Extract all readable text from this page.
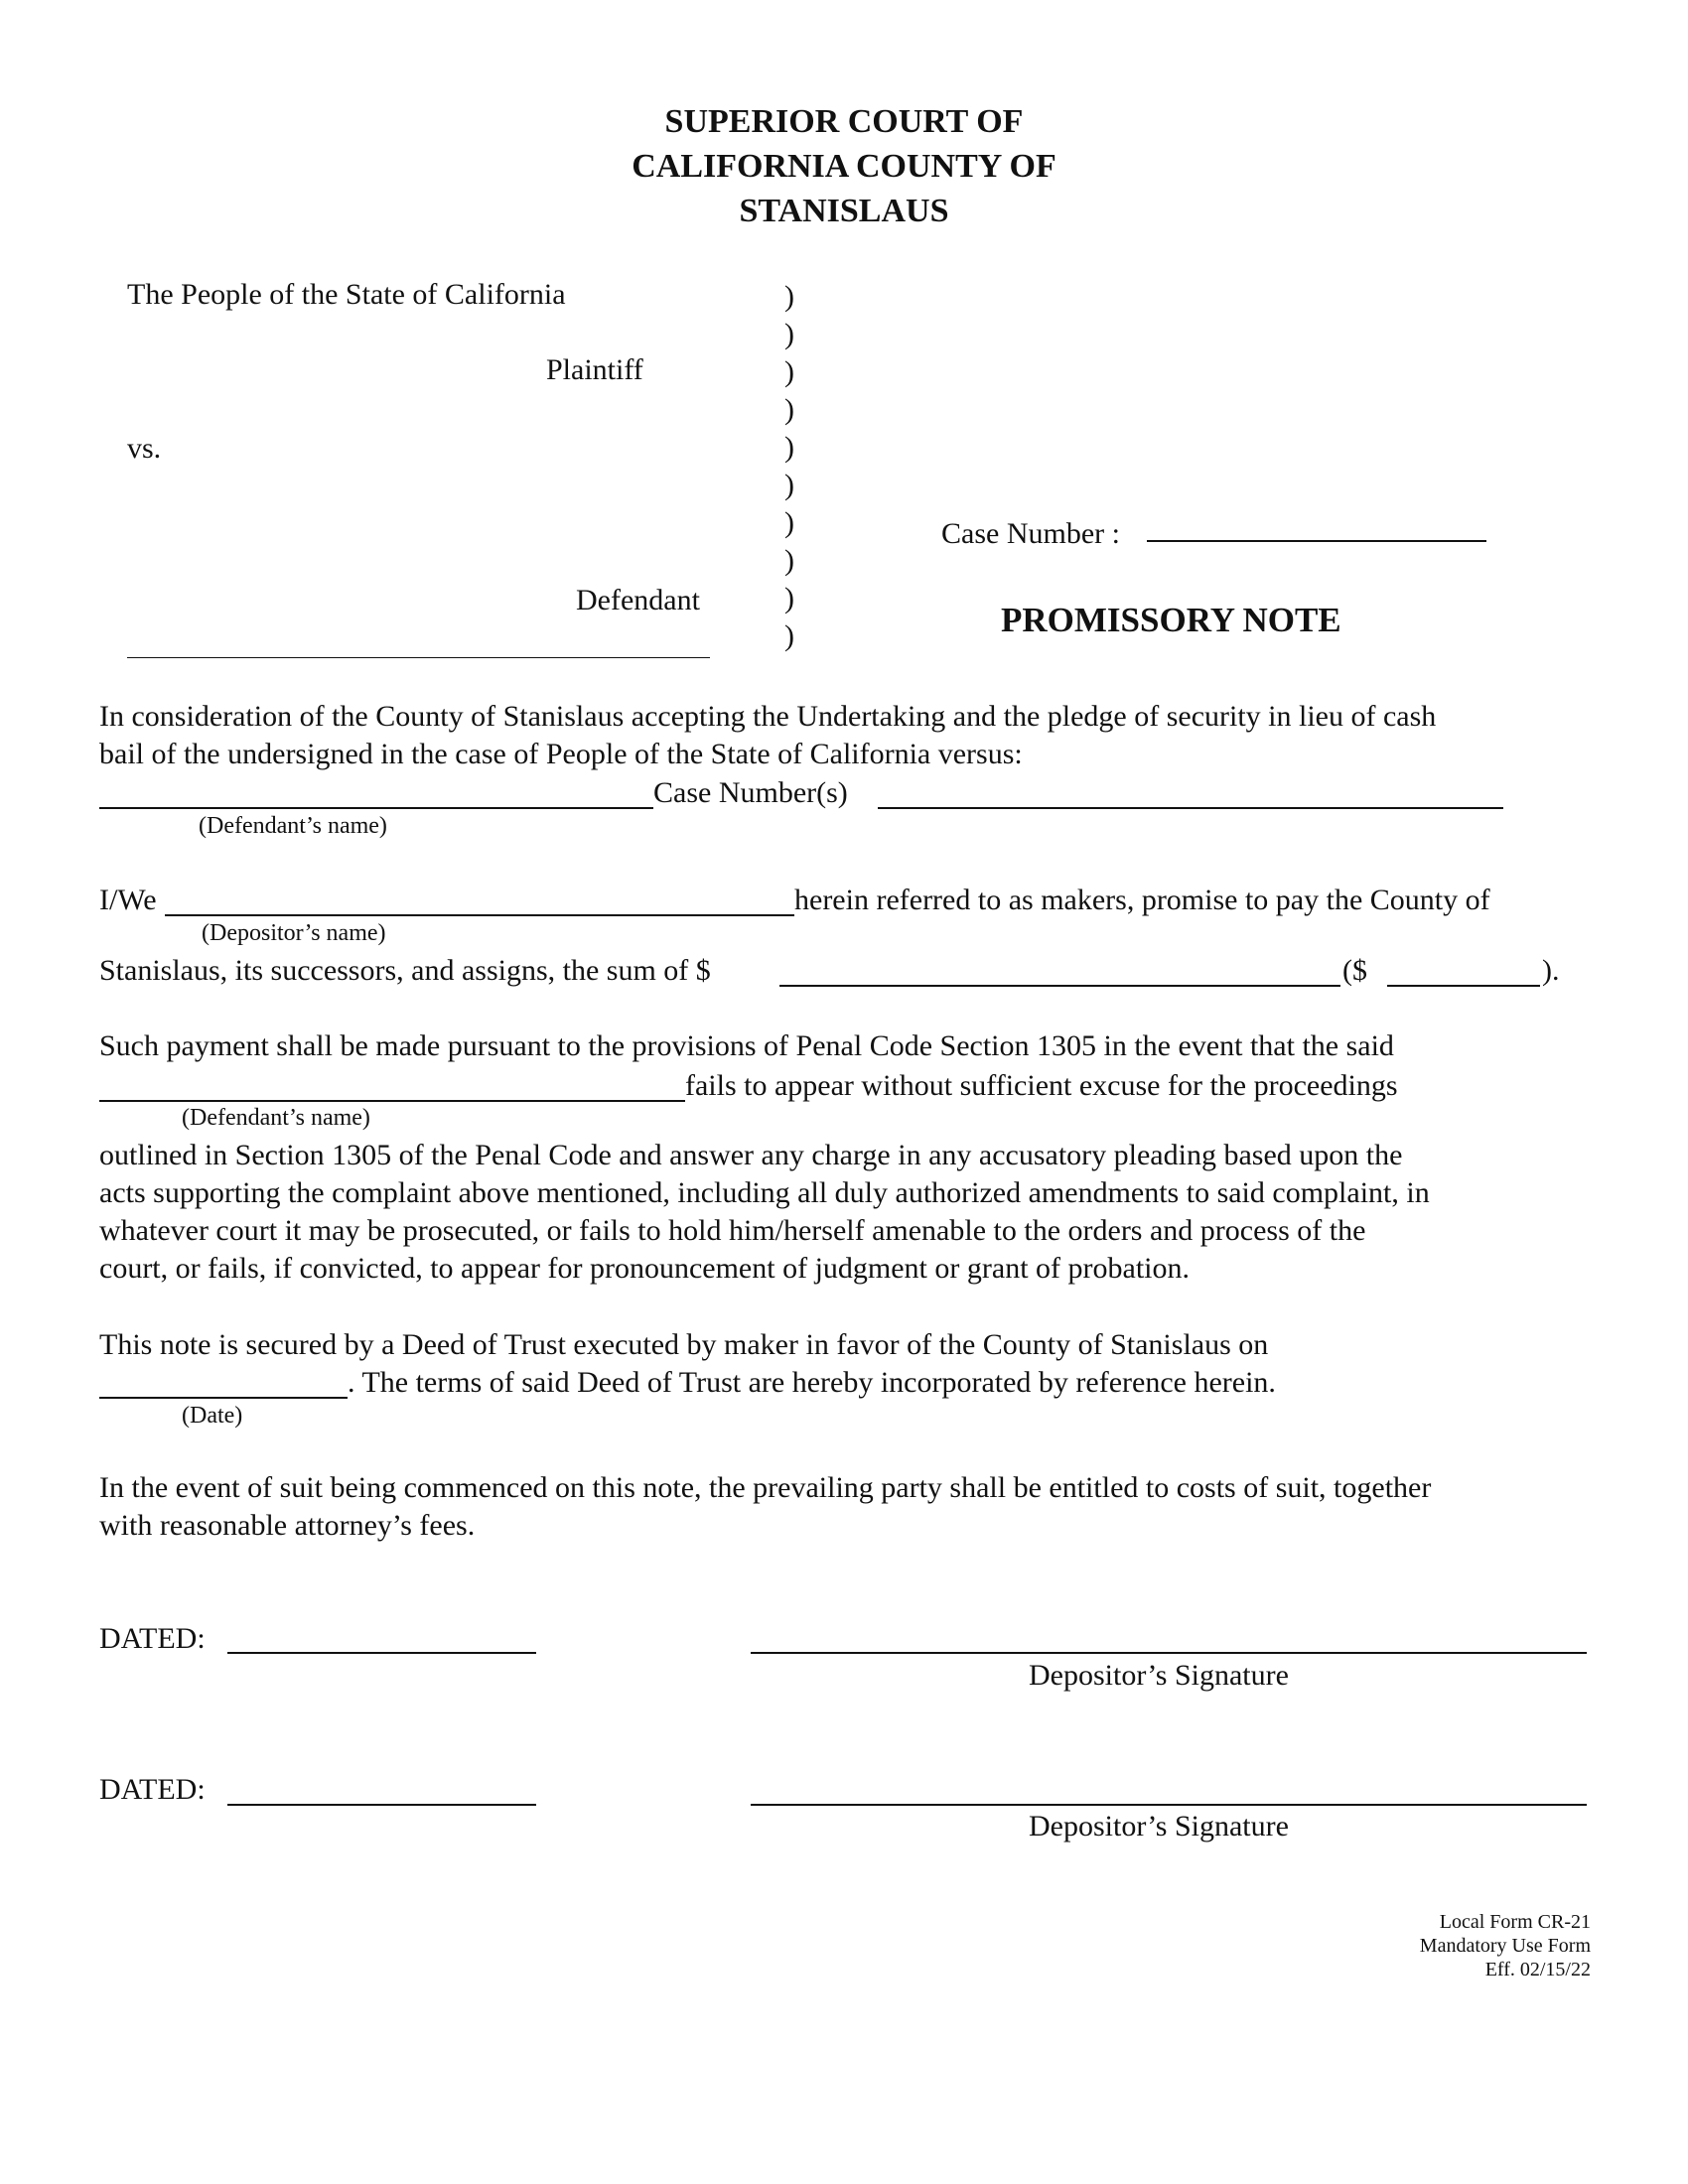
SUPERIOR COURT OF
CALIFORNIA COUNTY OF
STANISLAUS
The People of the State of California
Plaintiff
vs.
Defendant
)
)
)
)
)
)
)
)
)
)
Case Number :
PROMISSORY NOTE
In consideration of the County of Stanislaus accepting the Undertaking and the pledge of security in lieu of cash
bail of the undersigned in the case of People of the State of California versus:
Case Number(s)
(Defendant’s name)
I/We	herein referred to as makers, promise to pay the County of
(Depositor’s name)
Stanislaus, its successors, and assigns, the sum of $	($	).
Such payment shall be made pursuant to the provisions of Penal Code Section 1305 in the event that the said
fails to appear without sufficient excuse for the proceedings
(Defendant’s name)
outlined in Section 1305 of the Penal Code and answer any charge in any accusatory pleading based upon the
acts supporting the complaint above mentioned, including all duly authorized amendments to said complaint, in
whatever court it may be prosecuted, or fails to hold him/herself amenable to the orders and process of the
court, or fails, if convicted, to appear for pronouncement of judgment or grant of probation.
This note is secured by a Deed of Trust executed by maker in favor of the County of Stanislaus on
. The terms of said Deed of Trust are hereby incorporated by reference herein.
(Date)
In the event of suit being commenced on this note, the prevailing party shall be entitled to costs of suit, together
with reasonable attorney’s fees.
DATED:
Depositor’s Signature
DATED:
Depositor’s Signature
Local Form CR-21
Mandatory Use Form
Eff. 02/15/22
